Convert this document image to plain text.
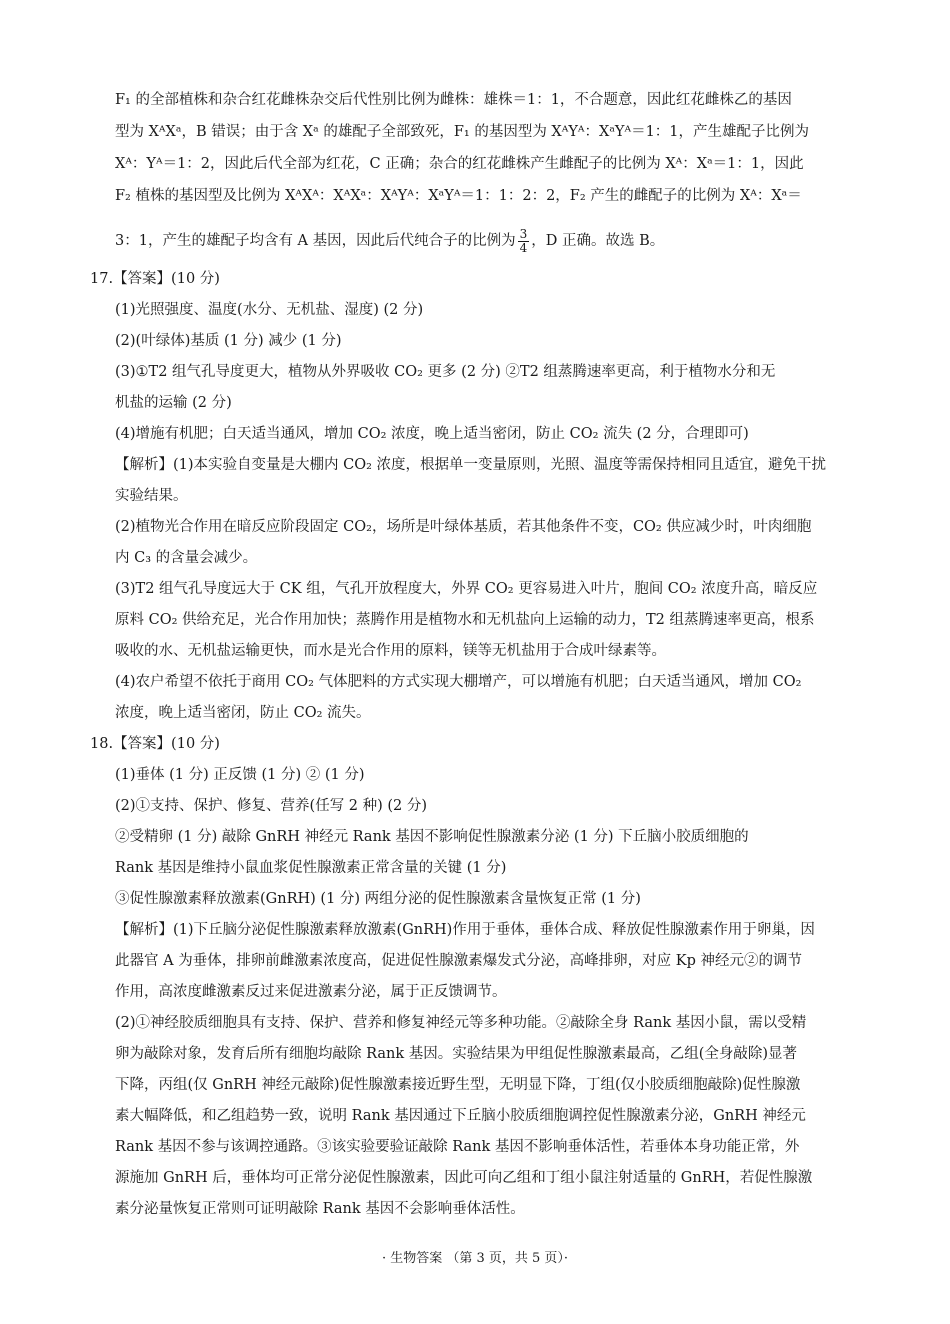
F₁ 的全部植株和杂合红花雌株杂交后代性别比例为雌株：雄株＝1：1，不合题意，因此红花雌株乙的基因
型为 XᴬXᵃ，B 错误；由于含 Xᵃ 的雄配子全部致死，F₁ 的基因型为 XᴬYᴬ：XᵃYᴬ＝1：1，产生雄配子比例为
Xᴬ：Yᴬ＝1：2，因此后代全部为红花，C 正确；杂合的红花雌株产生雌配子的比例为 Xᴬ：Xᵃ＝1：1，因此
F₂ 植株的基因型及比例为 XᴬXᴬ：XᴬXᵃ：XᴬYᴬ：XᵃYᴬ＝1：1：2：2，F₂ 产生的雌配子的比例为 Xᴬ：Xᵃ＝
3：1，产生的雄配子均含有 A 基因，因此后代纯合子的比例为 $\frac{3}{4}$ ，D 正确。故选 B。
17.【答案】(10 分)
(1)光照强度、温度(水分、无机盐、湿度) (2 分)
(2)(叶绿体)基质 (1 分) 减少 (1 分)
(3)①T2 组气孔导度更大，植物从外界吸收 CO₂ 更多 (2 分) ②T2 组蒸腾速率更高，利于植物水分和无
机盐的运输 (2 分)
(4)增施有机肥；白天适当通风，增加 CO₂ 浓度，晚上适当密闭，防止 CO₂ 流失 (2 分，合理即可)
【解析】(1)本实验自变量是大棚内 CO₂ 浓度，根据单一变量原则，光照、温度等需保持相同且适宜，避免干扰
实验结果。
(2)植物光合作用在暗反应阶段固定 CO₂，场所是叶绿体基质，若其他条件不变，CO₂ 供应减少时，叶肉细胞
内 C₃ 的含量会减少。
(3)T2 组气孔导度远大于 CK 组，气孔开放程度大，外界 CO₂ 更容易进入叶片，胞间 CO₂ 浓度升高，暗反应
原料 CO₂ 供给充足，光合作用加快；蒸腾作用是植物水和无机盐向上运输的动力，T2 组蒸腾速率更高，根系
吸收的水、无机盐运输更快，而水是光合作用的原料，镁等无机盐用于合成叶绿素等。
(4)农户希望不依托于商用 CO₂ 气体肥料的方式实现大棚增产，可以增施有机肥；白天适当通风，增加 CO₂
浓度，晚上适当密闭，防止 CO₂ 流失。
18.【答案】(10 分)
(1)垂体 (1 分) 正反馈 (1 分) ② (1 分)
(2)①支持、保护、修复、营养(任写 2 种) (2 分)
②受精卵 (1 分) 敲除 GnRH 神经元 Rank 基因不影响促性腺激素分泌 (1 分) 下丘脑小胶质细胞的
Rank 基因是维持小鼠血浆促性腺激素正常含量的关键 (1 分)
③促性腺激素释放激素(GnRH) (1 分) 两组分泌的促性腺激素含量恢复正常 (1 分)
【解析】(1)下丘脑分泌促性腺激素释放激素(GnRH)作用于垂体，垂体合成、释放促性腺激素作用于卵巢，因
此器官 A 为垂体，排卵前雌激素浓度高，促进促性腺激素爆发式分泌，高峰排卵，对应 Kp 神经元②的调节
作用，高浓度雌激素反过来促进激素分泌，属于正反馈调节。
(2)①神经胶质细胞具有支持、保护、营养和修复神经元等多种功能。②敲除全身 Rank 基因小鼠，需以受精
卵为敲除对象，发育后所有细胞均敲除 Rank 基因。实验结果为甲组促性腺激素最高，乙组(全身敲除)显著
下降，丙组(仅 GnRH 神经元敲除)促性腺激素接近野生型，无明显下降，丁组(仅小胶质细胞敲除)促性腺激
素大幅降低，和乙组趋势一致，说明 Rank 基因通过下丘脑小胶质细胞调控促性腺激素分泌，GnRH 神经元
Rank 基因不参与该调控通路。③该实验要验证敲除 Rank 基因不影响垂体活性，若垂体本身功能正常，外
源施加 GnRH 后，垂体均可正常分泌促性腺激素，因此可向乙组和丁组小鼠注射适量的 GnRH，若促性腺激
素分泌量恢复正常则可证明敲除 Rank 基因不会影响垂体活性。
· 生物答案 （第 3 页，共 5 页）·
